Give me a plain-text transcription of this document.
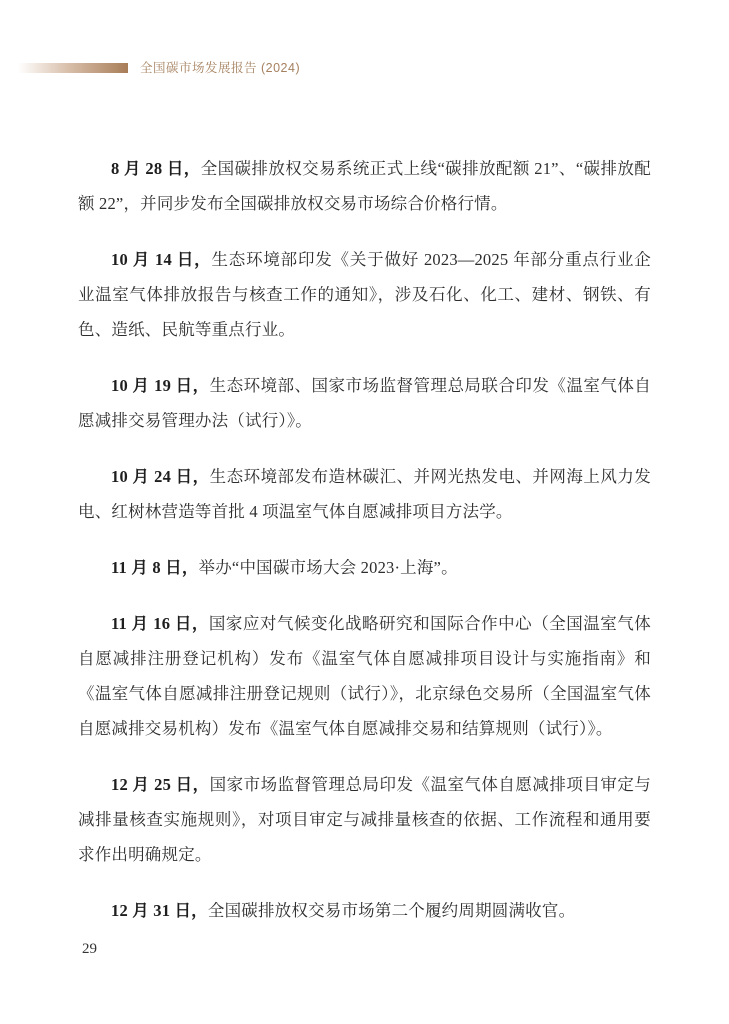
全国碳市场发展报告 (2024)

8 月 28 日，全国碳排放权交易系统正式上线“碳排放配额 21”、“碳排放配额 22”，并同步发布全国碳排放权交易市场综合价格行情。

10 月 14 日，生态环境部印发《关于做好 2023—2025 年部分重点行业企业温室气体排放报告与核查工作的通知》，涉及石化、化工、建材、钢铁、有色、造纸、民航等重点行业。

10 月 19 日，生态环境部、国家市场监督管理总局联合印发《温室气体自愿减排交易管理办法（试行）》。

10 月 24 日，生态环境部发布造林碳汇、并网光热发电、并网海上风力发电、红树林营造等首批 4 项温室气体自愿减排项目方法学。

11 月 8 日，举办“中国碳市场大会 2023·上海”。

11 月 16 日，国家应对气候变化战略研究和国际合作中心（全国温室气体自愿减排注册登记机构）发布《温室气体自愿减排项目设计与实施指南》和《温室气体自愿减排注册登记规则（试行）》，北京绿色交易所（全国温室气体自愿减排交易机构）发布《温室气体自愿减排交易和结算规则（试行）》。

12 月 25 日，国家市场监督管理总局印发《温室气体自愿减排项目审定与减排量核查实施规则》，对项目审定与减排量核查的依据、工作流程和通用要求作出明确规定。

12 月 31 日，全国碳排放权交易市场第二个履约周期圆满收官。

29
